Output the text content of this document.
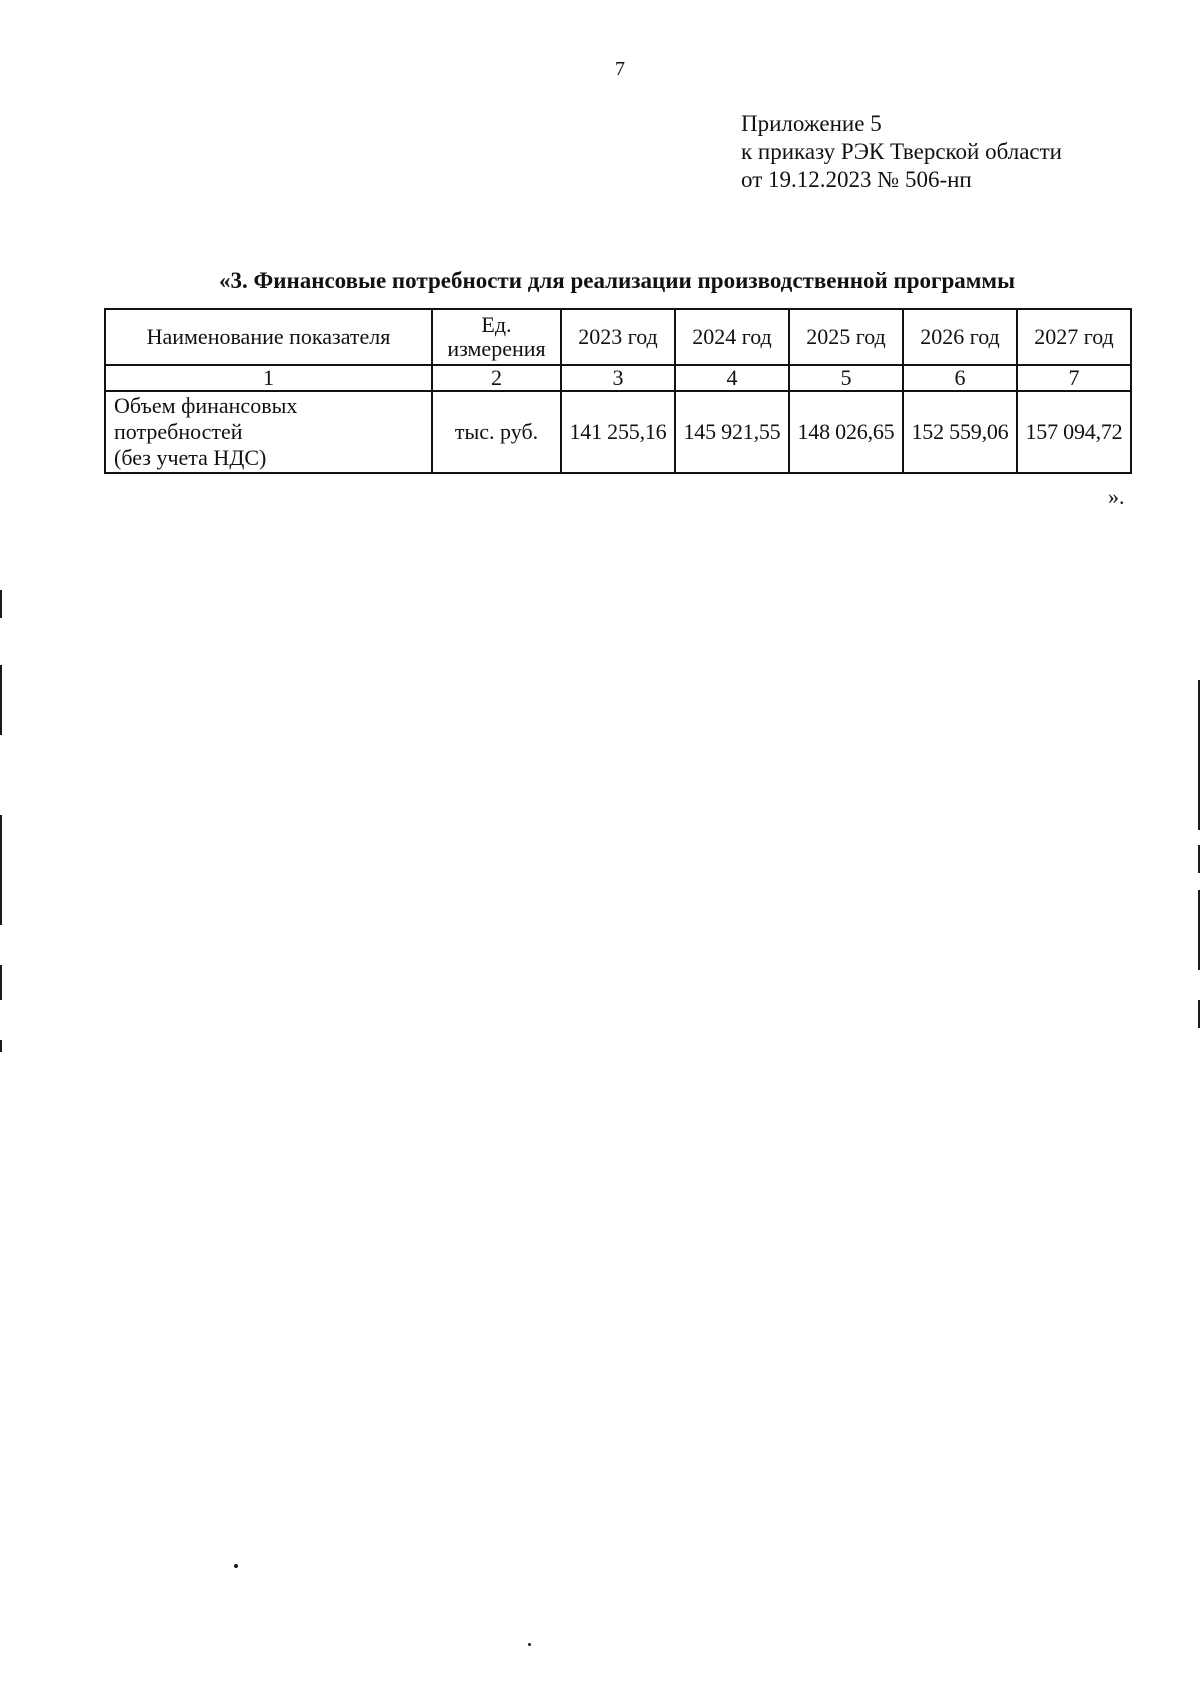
7
Приложение 5
к приказу РЭК Тверской области
от 19.12.2023 № 506-нп
«3. Финансовые потребности для реализации производственной программы
Наименование показателя	Ед. измерения	2023 год	2024 год	2025 год	2026 год	2027 год
1	2	3	4	5	6	7

Объем финансовых
потребностей
(без учета НДС)	тыс. руб.	141 255,16	145 921,55	148 026,65	152 559,06	157 094,72
».
